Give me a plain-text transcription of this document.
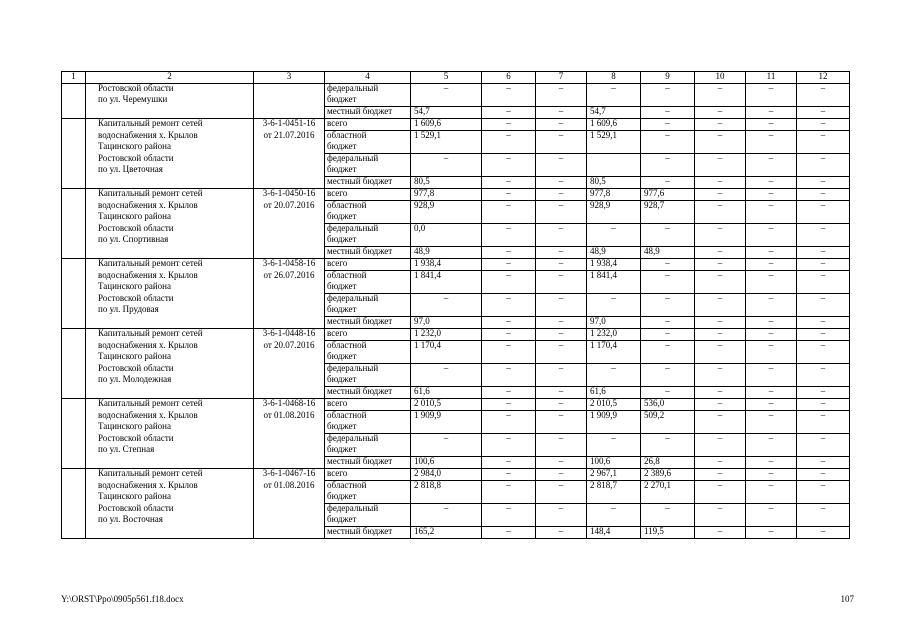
1	2	3	4	5	6	7	8	9	10	11	12
	Ростовской области		федеральный	–	–	–	–	–	–	–	–
	по ул. Черемушки		бюджет								
			местный бюджет	54,7	–	–	54,7	–	–	–	–
	Капитальный ремонт сетей	3-6-1-0451-16	всего	1 609,6	–	–	1 609,6	–	–	–	–
	водоснабжения х. Крылов	от 21.07.2016	областной	1 529,1	–	–	1 529,1	–	–	–	–
	Тацинского района		бюджет								
	Ростовской области		федеральный	–	–	–		–	–	–	–
	по ул. Цветочная		бюджет								
			местный бюджет	80,5	–	–	80,5	–	–	–	–
	Капитальный ремонт сетей	3-6-1-0450-16	всего	977,8	–	–	977,8	977,6	–	–	–
	водоснабжения х. Крылов	от 20.07.2016	областной	928,9	–	–	928,9	928,7	–	–	–
	Тацинского района		бюджет								
	Ростовской области		федеральный	0,0	–	–	–	–	–	–	–
	по ул. Спортивная		бюджет								
			местный бюджет	48,9	–	–	48,9	48,9	–	–	–
	Капитальный ремонт сетей	3-6-1-0458-16	всего	1 938,4	–	–	1 938,4	–	–	–	–
	водоснабжения х. Крылов	от 26.07.2016	областной	1 841,4	–	–	1 841,4	–	–	–	–
	Тацинского района		бюджет								
	Ростовской области		федеральный	–	–	–	–	–	–	–	–
	по ул. Прудовая		бюджет								
			местный бюджет	97,0	–	–	97,0	–	–	–	–
	Капитальный ремонт сетей	3-6-1-0448-16	всего	1 232,0	–	–	1 232,0	–	–	–	–
	водоснабжения х. Крылов	от 20.07.2016	областной	1 170,4	–	–	1 170,4	–	–	–	–
	Тацинского района		бюджет								
	Ростовской области		федеральный	–	–	–	–	–	–	–	–
	по ул. Молодежная		бюджет								
			местный бюджет	61,6	–	–	61,6	–	–	–	–
	Капитальный ремонт сетей	3-6-1-0468-16	всего	2 010,5	–	–	2 010,5	536,0	–	–	–
	водоснабжения х. Крылов	от 01.08.2016	областной	1 909,9	–	–	1 909,9	509,2	–	–	–
	Тацинского района		бюджет								
	Ростовской области		федеральный	–	–	–	–	–	–	–	–
	по ул. Степная		бюджет								
			местный бюджет	100,6	–	–	100,6	26,8	–	–	–
	Капитальный ремонт сетей	3-6-1-0467-16	всего	2 984,0	–	–	2 967,1	2 389,6	–	–	–
	водоснабжения х. Крылов	от 01.08.2016	областной	2 818,8	–	–	2 818,7	2 270,1	–	–	–
	Тацинского района		бюджет								
	Ростовской области		федеральный	–	–	–	–	–	–	–	–
	по ул. Восточная		бюджет								
			местный бюджет	165,2	–	–	148,4	119,5	–	–	–
Y:\ORST\Ppo\0905p561.f18.docx	107
